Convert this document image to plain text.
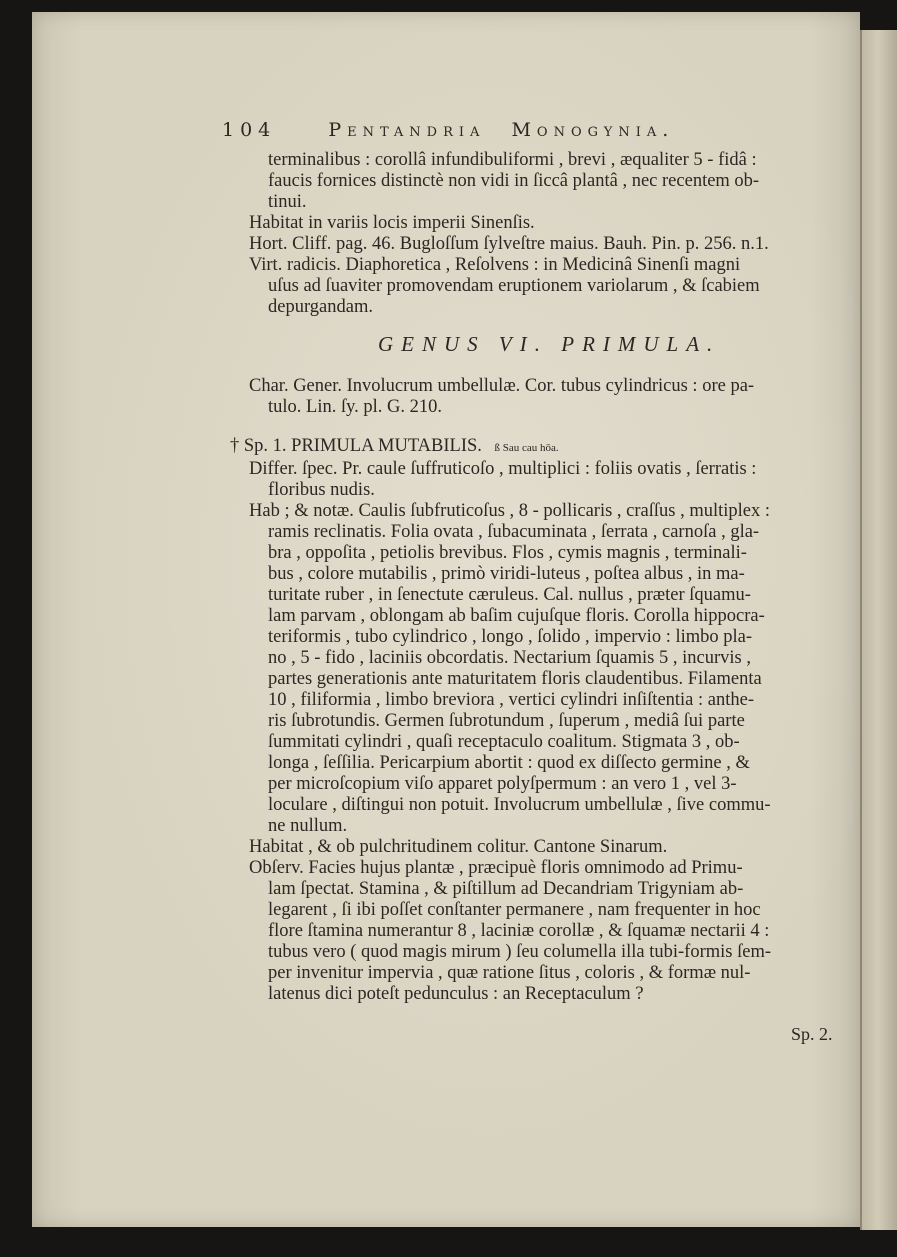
104	Pentandria Monogynia.
terminalibus : corollâ infundibuliformi , brevi , æqualiter 5 - fidâ :
faucis fornices distinctè non vidi in ſiccâ plantâ , nec recentem ob-
tinui.
Habitat in variis locis imperii Sinenſis.
Hort. Cliff. pag. 46. Bugloſſum ſylveſtre maius. Bauh. Pin. p. 256. n.1.
Virt. radicis. Diaphoretica , Reſolvens : in Medicinâ Sinenſi magni
uſus ad ſuaviter promovendam eruptionem variolarum , & ſcabiem
depurgandam.
GENUS VI. PRIMULA.
Char. Gener. Involucrum umbellulæ. Cor. tubus cylindricus : ore pa-
tulo. Lin. ſy. pl. G. 210.
† Sp. 1. PRIMULA MUTABILIS. ß Sau cau hōa.
Differ. ſpec. Pr. caule ſuffruticoſo , multiplici : foliis ovatis , ſerratis :
floribus nudis.
Hab ; & notæ. Caulis ſubfruticoſus , 8 - pollicaris , craſſus , multiplex :
ramis reclinatis. Folia ovata , ſubacuminata , ſerrata , carnoſa , gla-
bra , oppoſita , petiolis brevibus. Flos , cymis magnis , terminali-
bus , colore mutabilis , primò viridi-luteus , poſtea albus , in ma-
turitate ruber , in ſenectute cæruleus. Cal. nullus , præter ſquamu-
lam parvam , oblongam ab baſim cujuſque floris. Corolla hippocra-
teriformis , tubo cylindrico , longo , ſolido , impervio : limbo pla-
no , 5 - fido , laciniis obcordatis. Nectarium ſquamis 5 , incurvis ,
partes generationis ante maturitatem floris claudentibus. Filamenta
10 , filiformia , limbo breviora , vertici cylindri inſiſtentia : anthe-
ris ſubrotundis. Germen ſubrotundum , ſuperum , mediâ ſui parte
ſummitati cylindri , quaſi receptaculo coalitum. Stigmata 3 , ob-
longa , ſeſſilia. Pericarpium abortit : quod ex diſſecto germine , &
per microſcopium viſo apparet polyſpermum : an vero 1 , vel 3-
loculare , diſtingui non potuit. Involucrum umbellulæ , ſive commu-
ne nullum.
Habitat , & ob pulchritudinem colitur. Cantone Sinarum.
Obſerv. Facies hujus plantæ , præcipuè floris omnimodo ad Primu-
lam ſpectat. Stamina , & piſtillum ad Decandriam Trigyniam ab-
legarent , ſi ibi poſſet conſtanter permanere , nam frequenter in hoc
flore ſtamina numerantur 8 , laciniæ corollæ , & ſquamæ nectarii 4 :
tubus vero ( quod magis mirum ) ſeu columella illa tubi-formis ſem-
per invenitur impervia , quæ ratione ſitus , coloris , & formæ nul-
latenus dici poteſt pedunculus : an Receptaculum ?
Sp. 2.
